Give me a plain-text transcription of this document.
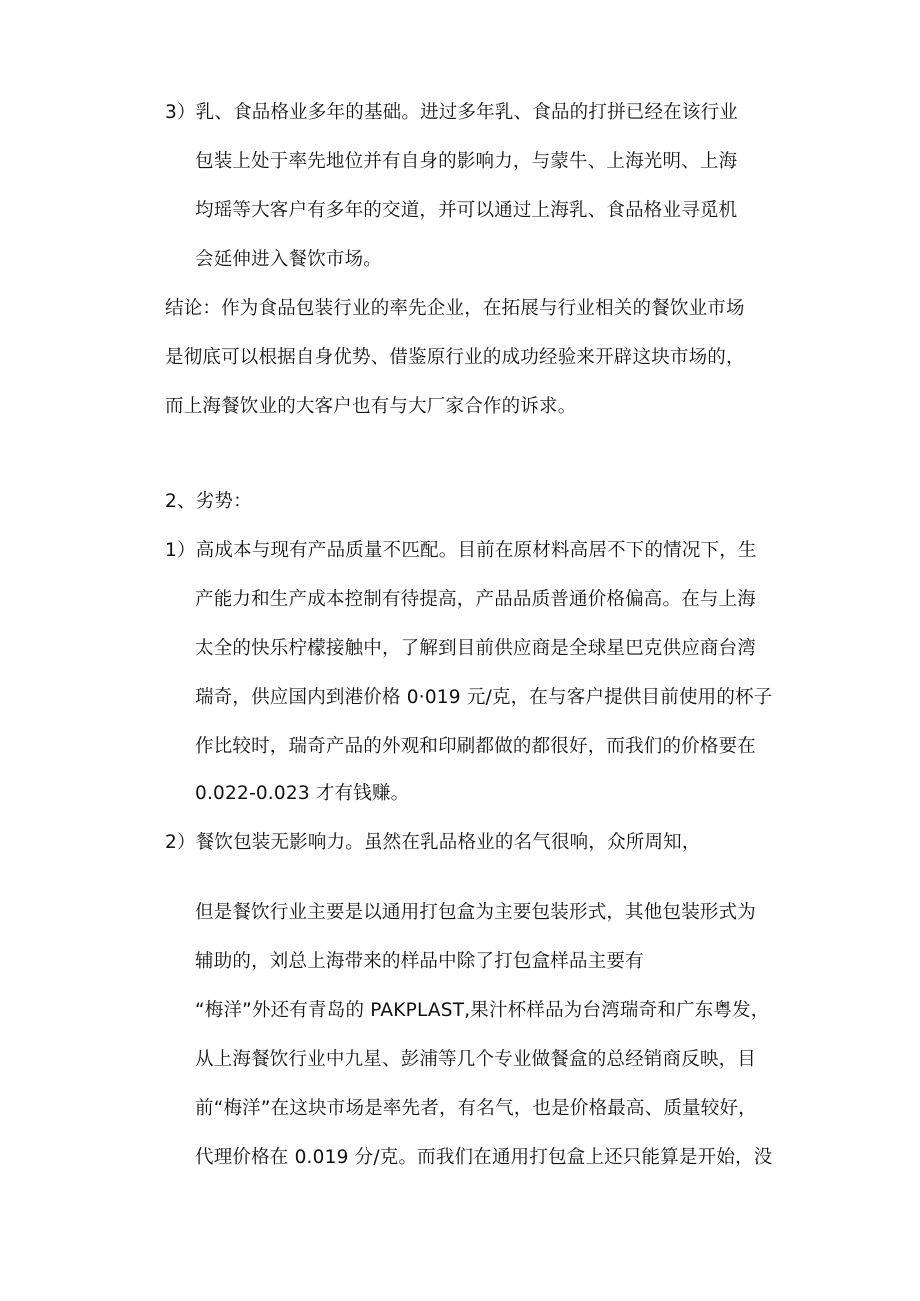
3）乳、食品格业多年的基础。进过多年乳、食品的打拼已经在该行业
包装上处于率先地位并有自身的影响力，与蒙牛、上海光明、上海
均瑶等大客户有多年的交道，并可以通过上海乳、食品格业寻觅机
会延伸进入餐饮市场。
结论：作为食品包装行业的率先企业，在拓展与行业相关的餐饮业市场
是彻底可以根据自身优势、借鉴原行业的成功经验来开辟这块市场的，
而上海餐饮业的大客户也有与大厂家合作的诉求。
2、劣势：
1）高成本与现有产品质量不匹配。目前在原材料高居不下的情况下，生
产能力和生产成本控制有待提高，产品品质普通价格偏高。在与上海
太全的快乐柠檬接触中，了解到目前供应商是全球星巴克供应商台湾
瑞奇，供应国内到港价格 0·019 元/克，在与客户提供目前使用的杯子
作比较时，瑞奇产品的外观和印刷都做的都很好，而我们的价格要在
0.022-0.023 才有钱赚。
2）餐饮包装无影响力。虽然在乳品格业的名气很响，众所周知，
但是餐饮行业主要是以通用打包盒为主要包装形式，其他包装形式为
辅助的，刘总上海带来的样品中除了打包盒样品主要有
“梅洋”外还有青岛的 PAKPLAST,果汁杯样品为台湾瑞奇和广东粤发，
从上海餐饮行业中九星、彭浦等几个专业做餐盒的总经销商反映，目
前“梅洋”在这块市场是率先者，有名气，也是价格最高、质量较好，
代理价格在 0.019 分/克。而我们在通用打包盒上还只能算是开始，没
